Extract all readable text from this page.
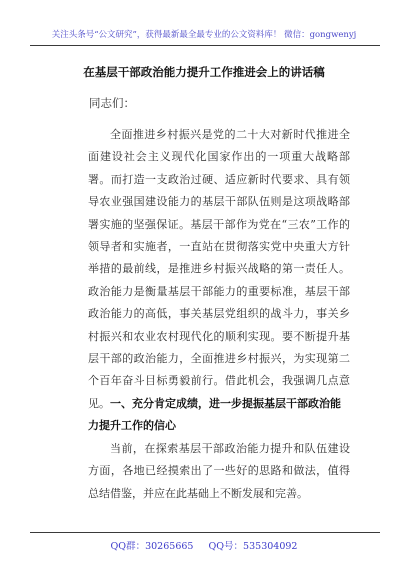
关注头条号“公文研究”，获得最新最全最专业的公文资料库！ 微信：gongwenyj
在基层干部政治能力提升工作推进会上的讲话稿
同志们：

全面推进乡村振兴是党的二十大对新时代推进全面建设社会主义现代化国家作出的一项重大战略部署。而打造一支政治过硬、适应新时代要求、具有领导农业强国建设能力的基层干部队伍则是这项战略部署实施的坚强保证。基层干部作为党在“三农”工作的领导者和实施者，一直站在贯彻落实党中央重大方针举措的最前线，是推进乡村振兴战略的第一责任人。政治能力是衡量基层干部能力的重要标准，基层干部政治能力的高低，事关基层党组织的战斗力，事关乡村振兴和农业农村现代化的顺利实现。要不断提升基层干部的政治能力，全面推进乡村振兴，为实现第二个百年奋斗目标勇毅前行。借此机会，我强调几点意见。 一、充分肯定成绩，进一步提振基层干部政治能力提升工作的信心

当前，在探索基层干部政治能力提升和队伍建设方面，各地已经摸索出了一些好的思路和做法，值得总结借鉴，并应在此基础上不断发展和完善。

QQ群：30265665 QQ号：535304092
